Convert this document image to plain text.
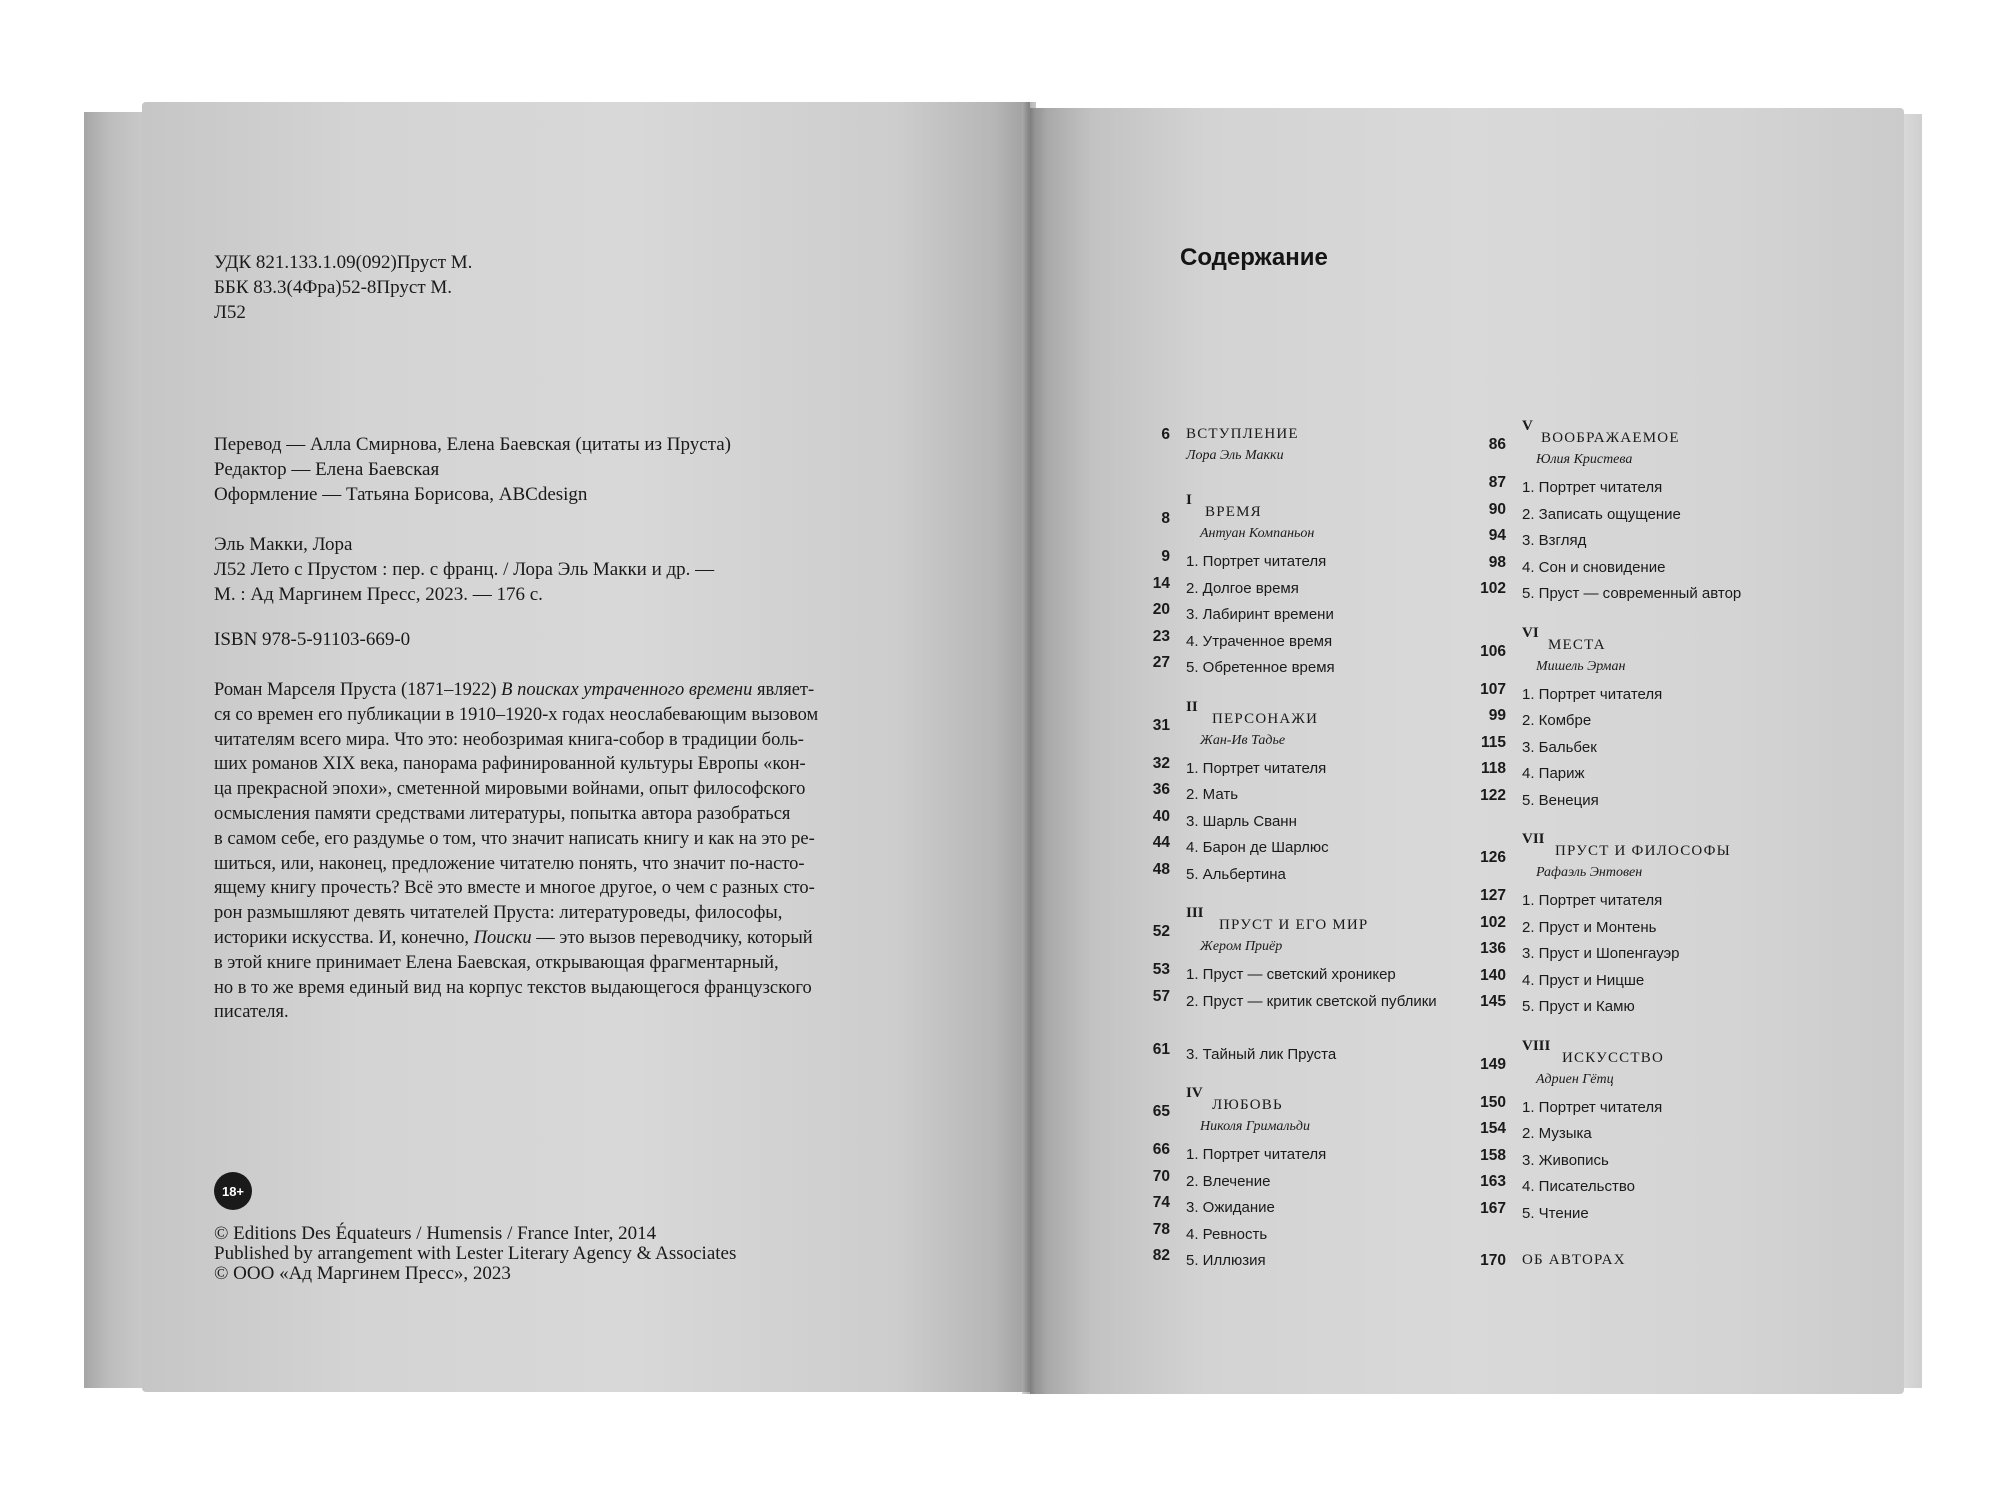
УДК 821.133.1.09(092)Пруст М.

ББК 83.3(4Фра)52-8Пруст М.

Л52

Перевод — Алла Смирнова, Елена Баевская (цитаты из Пруста)

Редактор — Елена Баевская

Оформление — Татьяна Борисова, ABCdesign

Эль Макки, Лора

Л52 Лето с Прустом : пер. с франц. / Лора Эль Макки и др. —

М. : Ад Маргинем Пресс, 2023. — 176 с.

ISBN 978-5-91103-669-0

Роман Марселя Пруста (1871–1922) В поисках утраченного времени являет-

ся со времен его публикации в 1910–1920-х годах неослабевающим вызовом

читателям всего мира. Что это: необозримая книга-собор в традиции боль-

ших романов XIX века, панорама рафинированной культуры Европы «кон-

ца прекрасной эпохи», сметенной мировыми войнами, опыт философского

осмысления памяти средствами литературы, попытка автора разобраться

в самом себе, его раздумье о том, что значит написать книгу и как на это ре-

шиться, или, наконец, предложение читателю понять, что значит по-насто-

ящему книгу прочесть? Всё это вместе и многое другое, о чем с разных сто-

рон размышляют девять читателей Пруста: литературоведы, философы,

историки искусства. И, конечно, Поиски — это вызов переводчику, который

в этой книге принимает Елена Баевская, открывающая фрагментарный,

но в то же время единый вид на корпус текстов выдающегося французского

писателя.

18+

© Editions Des Équateurs / Humensis / France Inter, 2014

Published by arrangement with Lester Literary Agency & Associates

© ООО «Ад Маргинем Пресс», 2023

Содержание
6 ВСТУПЛЕНИЕ
Лора Эль Макки
8
I
ВРЕМЯ
Антуан Компаньон
9 1. Портрет читателя
14 2. Долгое время
20 3. Лабиринт времени
23 4. Утраченное время
27 5. Обретенное время
31
II
ПЕРСОНАЖИ
Жан-Ив Тадье
32 1. Портрет читателя
36 2. Мать
40 3. Шарль Сванн
44 4. Барон де Шарлюс
48 5. Альбертина
52
III
ПРУСТ И ЕГО МИР
Жером Приёр
53 1. Пруст — светский хроникер
57 2. Пруст — критик светской публики
61 3. Тайный лик Пруста
65
IV
ЛЮБОВЬ
Николя Гримальди
66 1. Портрет читателя
70 2. Влечение
74 3. Ожидание
78 4. Ревность
82 5. Иллюзия
86
V
ВООБРАЖАЕМОЕ
Юлия Кристева
87 1. Портрет читателя
90 2. Записать ощущение
94 3. Взгляд
98 4. Сон и сновидение
102 5. Пруст — современный автор
106
VI
МЕСТА
Мишель Эрман
107 1. Портрет читателя
99 2. Комбре
115 3. Бальбек
118 4. Париж
122 5. Венеция
126
VII
ПРУСТ И ФИЛОСОФЫ
Рафаэль Энтовен
127 1. Портрет читателя
102 2. Пруст и Монтень
136 3. Пруст и Шопенгауэр
140 4. Пруст и Ницше
145 5. Пруст и Камю
149
VIII
ИСКУССТВО
Адриен Гётц
150 1. Портрет читателя
154 2. Музыка
158 3. Живопись
163 4. Писательство
167 5. Чтение
170 ОБ АВТОРАХ
